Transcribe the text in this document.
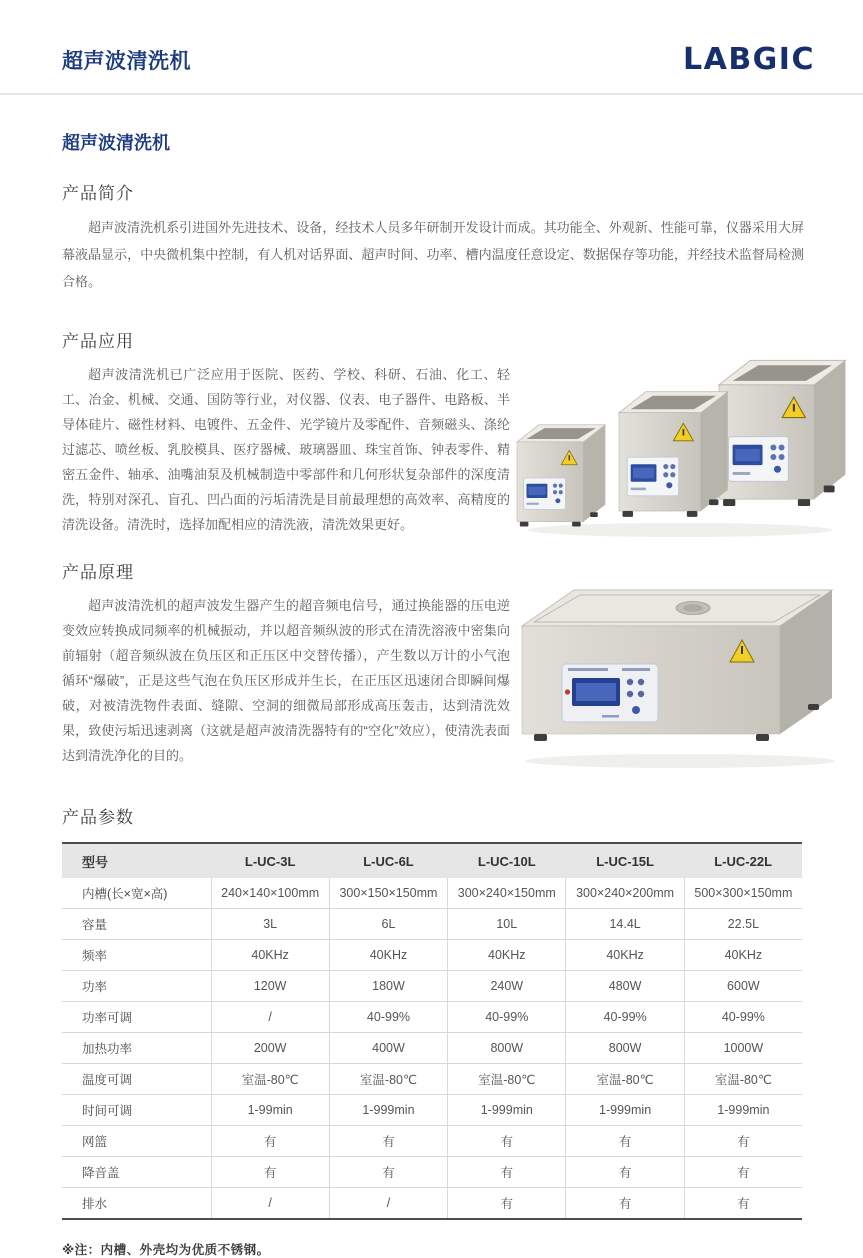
超声波清洗机	LABGIC
超声波清洗机
产品简介

超声波清洗机系引进国外先进技术、设备，经技术人员多年研制开发设计而成。其功能全、外观新、性能可靠，仪器采用大屏幕液晶显示，中央微机集中控制，有人机对话界面、超声时间、功率、槽内温度任意设定、数据保存等功能，并经技术监督局检测合格。

产品应用

超声波清洗机已广泛应用于医院、医药、学校、科研、石油、化工、轻工、冶金、机械、交通、国防等行业，对仪器、仪表、电子器件、电路板、半导体硅片、磁性材料、电镀件、五金件、光学镜片及零配件、音频磁头、涤纶过滤芯、喷丝板、乳胶模具、医疗器械、玻璃器皿、珠宝首饰、钟表零件、精密五金件、轴承、油嘴油泵及机械制造中零部件和几何形状复杂部件的深度清洗，特别对深孔、盲孔、凹凸面的污垢清洗是目前最理想的高效率、高精度的清洗设备。清洗时，选择加配相应的清洗液，清洗效果更好。

产品原理

超声波清洗机的超声波发生器产生的超音频电信号，通过换能器的压电逆变效应转换成同频率的机械振动，并以超音频纵波的形式在清洗溶液中密集向前辐射（超音频纵波在负压区和正压区中交替传播），产生数以万计的小气泡循环“爆破”，正是这些气泡在负压区形成并生长，在正压区迅速闭合即瞬间爆破，对被清洗物件表面、缝隙、空洞的细微局部形成高压轰击，达到清洗效果，致使污垢迅速剥离（这就是超声波清洗器特有的“空化”效应），使清洗表面达到清洗净化的目的。

产品参数
型号	L-UC-3L	L-UC-6L	L-UC-10L	L-UC-15L	L-UC-22L
内槽(长×宽×高)	240×140×100mm	300×150×150mm	300×240×150mm	300×240×200mm	500×300×150mm
容量	3L	6L	10L	14.4L	22.5L
频率	40KHz	40KHz	40KHz	40KHz	40KHz
功率	120W	180W	240W	480W	600W
功率可调	/	40-99%	40-99%	40-99%	40-99%
加热功率	200W	400W	800W	800W	1000W
温度可调	室温-80℃	室温-80℃	室温-80℃	室温-80℃	室温-80℃
时间可调	1-99min	1-999min	1-999min	1-999min	1-999min
网篮	有	有	有	有	有
降音盖	有	有	有	有	有
排水	/	/	有	有	有
※注：内槽、外壳均为优质不锈钢。
